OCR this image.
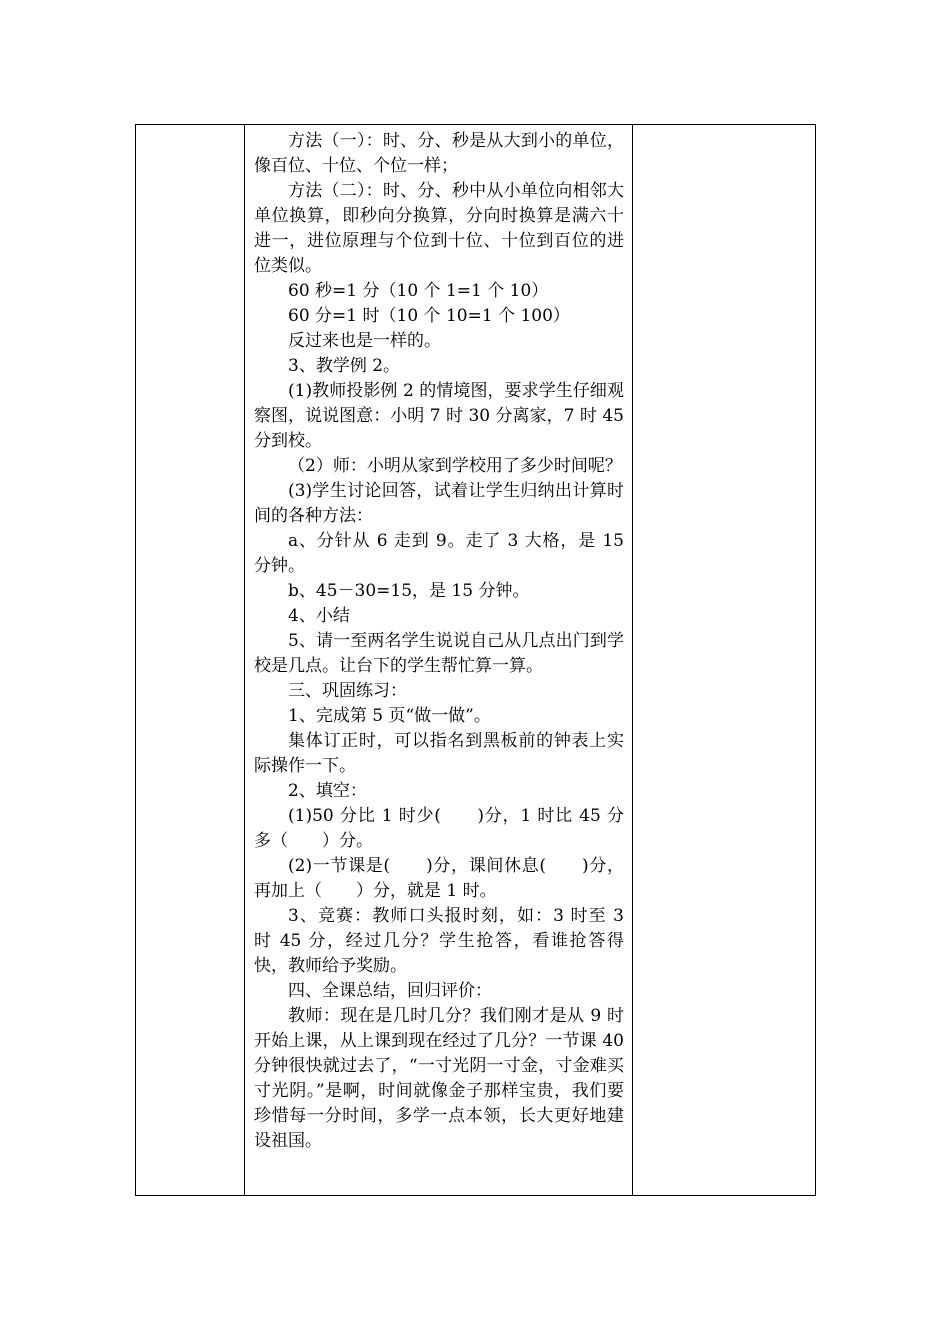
方法（一）：时、分、秒是从大到小的单位，像百位、十位、个位一样；

方法（二）：时、分、秒中从小单位向相邻大单位换算，即秒向分换算，分向时换算是满六十进一，进位原理与个位到十位、十位到百位的进位类似。

60 秒=1 分（10 个 1=1 个 10）

60 分=1 时（10 个 10=1 个 100）

反过来也是一样的。

3、教学例 2。

(1)教师投影例 2 的情境图，要求学生仔细观察图，说说图意：小明 7 时 30 分离家，7 时 45 分到校。

（2）师：小明从家到学校用了多少时间呢？

(3)学生讨论回答，试着让学生归纳出计算时间的各种方法：

a、分针从 6 走到 9。走了 3 大格，是 15 分钟。

b、45－30=15，是 15 分钟。

4、小结

5、请一至两名学生说说自己从几点出门到学校是几点。让台下的学生帮忙算一算。

三、巩固练习：

1、完成第 5 页“做一做”。

集体订正时，可以指名到黑板前的钟表上实际操作一下。

2、填空：

(1)50 分比 1 时少(　　)分，1 时比 45 分多（　　）分。

(2)一节课是(　　)分，课间休息(　　)分，再加上（　　）分，就是 1 时。

3、竞赛：教师口头报时刻，如：3 时至 3 时 45 分，经过几分？学生抢答，看谁抢答得快，教师给予奖励。

四、全课总结，回归评价：

教师：现在是几时几分？我们刚才是从 9 时开始上课，从上课到现在经过了几分？一节课 40 分钟很快就过去了，“一寸光阴一寸金，寸金难买寸光阴。”是啊，时间就像金子那样宝贵，我们要珍惜每一分时间，多学一点本领，长大更好地建设祖国。
